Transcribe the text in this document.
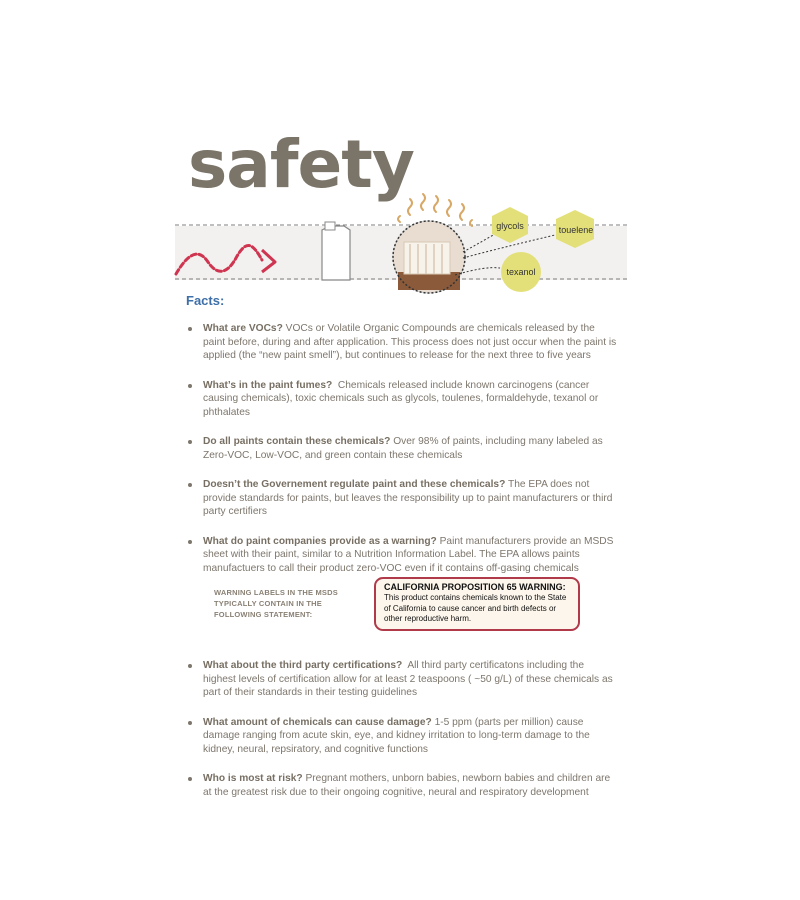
safety
glycols	touelene
texanol
Facts:
What are VOCs? VOCs or Volatile Organic Compounds are chemicals released by the paint before, during and after application. This process does not just occur when the paint is applied (the “new paint smell”), but continues to release for the next three to five years
What’s in the paint fumes? Chemicals released include known carcinogens (cancer causing chemicals), toxic chemicals such as glycols, toulenes, formaldehyde, texanol or phthalates
Do all paints contain these chemicals? Over 98% of paints, including many labeled as Zero-VOC, Low-VOC, and green contain these chemicals
Doesn’t the Governement regulate paint and these chemicals? The EPA does not provide standards for paints, but leaves the responsibility up to paint manufacturers or third party certifiers
What do paint companies provide as a warning? Paint manufacturers provide an MSDS sheet with their paint, similar to a Nutrition Information Label. The EPA allows paints manufactuers to call their product zero-VOC even if it contains off-gasing chemicals
WARNING LABELS IN THE MSDS TYPICALLY CONTAIN IN THE FOLLOWING STATEMENT:

CALIFORNIA PROPOSITION 65 WARNING:

This product contains chemicals known to the State of California to cause cancer and birth defects or other reproductive harm.

What about the third party certifications? All third party certificatons including the highest levels of certification allow for at least 2 teaspoons ( ~50 g/L) of these chemicals as part of their standards in their testing guidelines
What amount of chemicals can cause damage? 1-5 ppm (parts per million) cause damage ranging from acute skin, eye, and kidney irritation to long-term damage to the kidney, neural, repsiratory, and cognitive functions
Who is most at risk? Pregnant mothers, unborn babies, newborn babies and children are at the greatest risk due to their ongoing cognitive, neural and respiratory development
